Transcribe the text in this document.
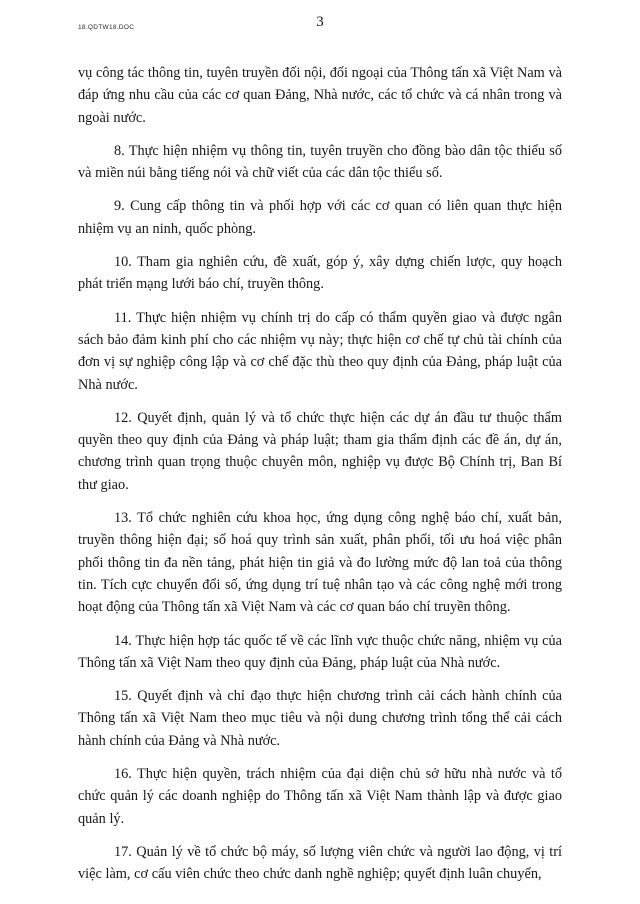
18.QDTW18.DOC	3

vụ công tác thông tin, tuyên truyền đối nội, đối ngoại của Thông tấn xã Việt Nam và đáp ứng nhu cầu của các cơ quan Đảng, Nhà nước, các tổ chức và cá nhân trong và ngoài nước.

8. Thực hiện nhiệm vụ thông tin, tuyên truyền cho đồng bào dân tộc thiểu số và miền núi bằng tiếng nói và chữ viết của các dân tộc thiểu số.

9. Cung cấp thông tin và phối hợp với các cơ quan có liên quan thực hiện nhiệm vụ an ninh, quốc phòng.

10. Tham gia nghiên cứu, đề xuất, góp ý, xây dựng chiến lược, quy hoạch phát triển mạng lưới báo chí, truyền thông.

11. Thực hiện nhiệm vụ chính trị do cấp có thẩm quyền giao và được ngân sách bảo đảm kinh phí cho các nhiệm vụ này; thực hiện cơ chế tự chủ tài chính của đơn vị sự nghiệp công lập và cơ chế đặc thù theo quy định của Đảng, pháp luật của Nhà nước.

12. Quyết định, quản lý và tổ chức thực hiện các dự án đầu tư thuộc thẩm quyền theo quy định của Đảng và pháp luật; tham gia thẩm định các đề án, dự án, chương trình quan trọng thuộc chuyên môn, nghiệp vụ được Bộ Chính trị, Ban Bí thư giao.

13. Tổ chức nghiên cứu khoa học, ứng dụng công nghệ báo chí, xuất bản, truyền thông hiện đại; số hoá quy trình sản xuất, phân phối, tối ưu hoá việc phân phối thông tin đa nền tảng, phát hiện tin giả và đo lường mức độ lan toả của thông tin. Tích cực chuyển đổi số, ứng dụng trí tuệ nhân tạo và các công nghệ mới trong hoạt động của Thông tấn xã Việt Nam và các cơ quan báo chí truyền thông.

14. Thực hiện hợp tác quốc tế về các lĩnh vực thuộc chức năng, nhiệm vụ của Thông tấn xã Việt Nam theo quy định của Đảng, pháp luật của Nhà nước.

15. Quyết định và chỉ đạo thực hiện chương trình cải cách hành chính của Thông tấn xã Việt Nam theo mục tiêu và nội dung chương trình tổng thể cải cách hành chính của Đảng và Nhà nước.

16. Thực hiện quyền, trách nhiệm của đại diện chủ sở hữu nhà nước và tổ chức quản lý các doanh nghiệp do Thông tấn xã Việt Nam thành lập và được giao quản lý.

17. Quản lý về tổ chức bộ máy, số lượng viên chức và người lao động, vị trí việc làm, cơ cấu viên chức theo chức danh nghề nghiệp; quyết định luân chuyển,
